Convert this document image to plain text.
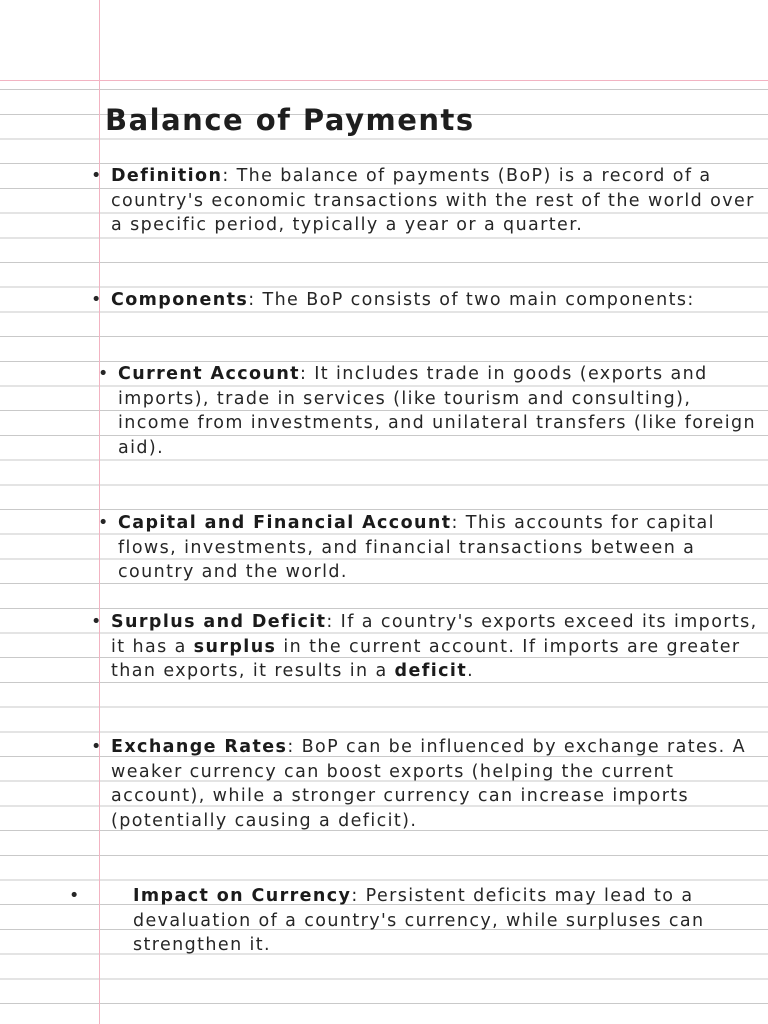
Balance of Payments

• Definition: The balance of payments (BoP) is a record of a country's economic transactions with the rest of the world over a specific period, typically a year or a quarter.

• Components: The BoP consists of two main components:

• Current Account: It includes trade in goods (exports and imports), trade in services (like tourism and consulting), income from investments, and unilateral transfers (like foreign aid).

• Capital and Financial Account: This accounts for capital flows, investments, and financial transactions between a country and the world.

• Surplus and Deficit: If a country's exports exceed its imports, it has a surplus in the current account. If imports are greater than exports, it results in a deficit.

• Exchange Rates: BoP can be influenced by exchange rates. A weaker currency can boost exports (helping the current account), while a stronger currency can increase imports (potentially causing a deficit).

•	Impact on Currency: Persistent deficits may lead to a devaluation of a country's currency, while surpluses can strengthen it.
